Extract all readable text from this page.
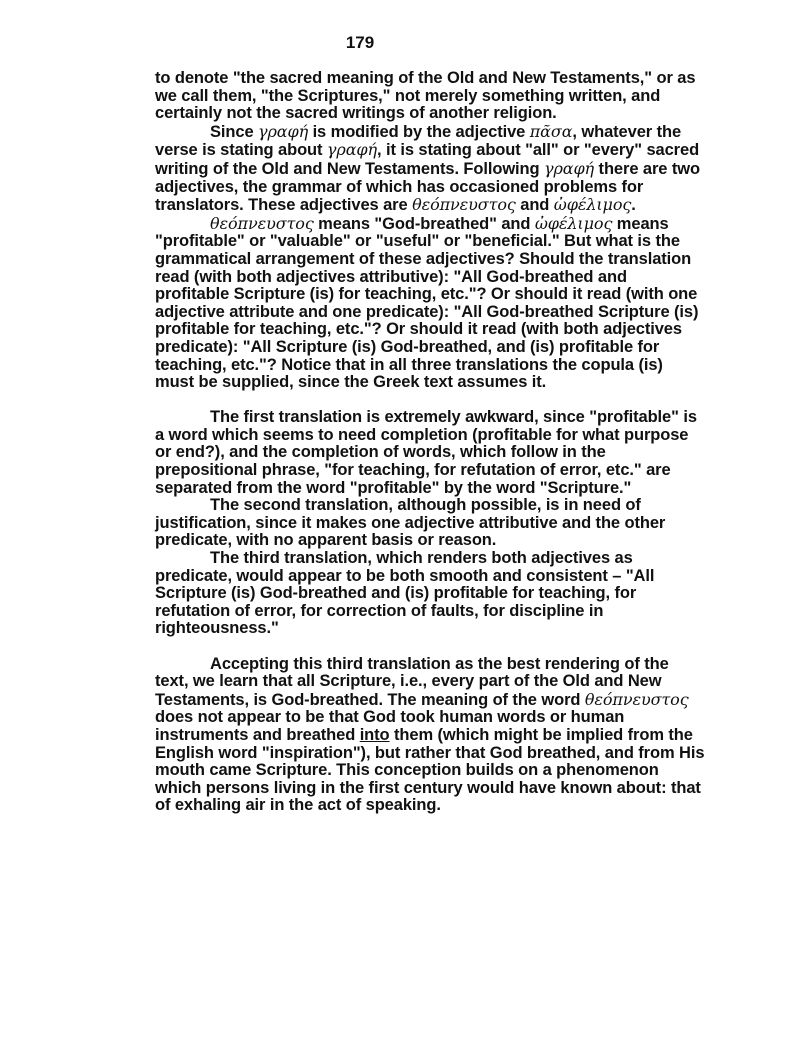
179

to denote "the sacred meaning of the Old and New Testaments," or as we call them, "the Scriptures," not merely something written, and certainly not the sacred writings of another religion.

Since γραφή is modified by the adjective πᾶσα, whatever the verse is stating about γραφή, it is stating about "all" or "every" sacred writing of the Old and New Testaments. Following γραφή there are two adjectives, the grammar of which has occasioned problems for translators. These adjectives are θεόπνευστος and ὠφέλιμος.

θεόπνευστος means "God-breathed" and ὠφέλιμος means "profitable" or "valuable" or "useful" or "beneficial." But what is the grammatical arrangement of these adjectives? Should the translation read (with both adjectives attributive): "All God-breathed and profitable Scripture (is) for teaching, etc."? Or should it read (with one adjective attribute and one predicate): "All God-breathed Scripture (is) profitable for teaching, etc."? Or should it read (with both adjectives predicate): "All Scripture (is) God-breathed, and (is) profitable for teaching, etc."? Notice that in all three translations the copula (is) must be supplied, since the Greek text assumes it.

The first translation is extremely awkward, since "profitable" is a word which seems to need completion (profitable for what purpose or end?), and the completion of words, which follow in the prepositional phrase, "for teaching, for refutation of error, etc." are separated from the word "profitable" by the word "Scripture."

The second translation, although possible, is in need of justification, since it makes one adjective attributive and the other predicate, with no apparent basis or reason.

The third translation, which renders both adjectives as predicate, would appear to be both smooth and consistent – "All Scripture (is) God-breathed and (is) profitable for teaching, for refutation of error, for correction of faults, for discipline in righteousness."

Accepting this third translation as the best rendering of the text, we learn that all Scripture, i.e., every part of the Old and New Testaments, is God-breathed. The meaning of the word θεόπνευστος does not appear to be that God took human words or human instruments and breathed into them (which might be implied from the English word "inspiration"), but rather that God breathed, and from His mouth came Scripture. This conception builds on a phenomenon which persons living in the first century would have known about: that of exhaling air in the act of speaking.
